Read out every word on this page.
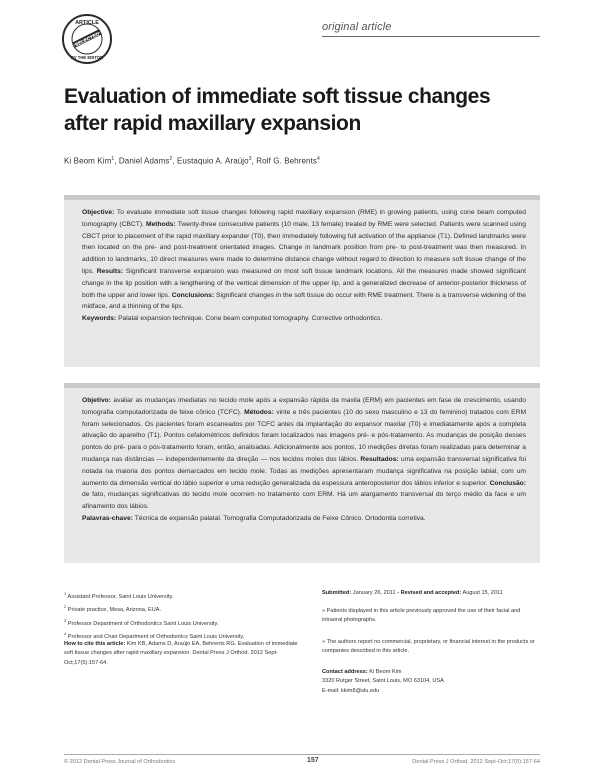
ARTICLE
SELECTED
BY THE EDITOR
original article
Evaluation of immediate soft tissue changes after rapid maxillary expansion
Ki Beom Kim$^1$, Daniel Adams$^2$, Eustaquio A. Araújo$^3$, Rolf G. Behrents$^4$

Objective: To evaluate immediate soft tissue changes following rapid maxillary expansion (RME) in growing patients, using cone beam computed tomography (CBCT). Methods: Twenty-three consecutive patients (10 male, 13 female) treated by RME were selected. Patients were scanned using CBCT prior to placement of the rapid maxillary expander (T0), then immediately following full activation of the appliance (T1). Defined landmarks were then located on the pre- and post-treatment orientated images. Change in landmark position from pre- to post-treatment was then measured. In addition to landmarks, 10 direct measures were made to determine distance change without regard to direction to measure soft tissue change of the lips. Results: Significant transverse expansion was measured on most soft tissue landmark locations. All the measures made showed significant change in the lip position with a lengthening of the vertical dimension of the upper lip, and a generalized decrease of anterior-posterior thickness of both the upper and lower lips. Conclusions: Significant changes in the soft tissue do occur with RME treatment. There is a transverse widening of the midface, and a thinning of the lips.

Keywords: Palatal expansion technique. Cone beam computed tomography. Corrective orthodontics.

Objetivo: avaliar as mudanças imediatas no tecido mole após a expansão rápida da maxila (ERM) em pacientes em fase de crescimento, usando tomografia computadorizada de feixe cônico (TCFC). Métodos: vinte e três pacientes (10 do sexo masculino e 13 do feminino) tratados com ERM foram selecionados. Os pacientes foram escaneados por TCFC antes da implantação do expansor maxilar (T0) e imediatamente após a completa ativação do aparelho (T1). Pontos cefalométricos definidos foram localizados nas imagens pré- e pós-tratamento. As mudanças de posição desses pontos do pré- para o pós-tratamento foram, então, analisadas. Adicionalmente aos pontos, 10 medições diretas foram realizadas para determinar a mudança nas distâncias — independentemente da direção — nos tecidos moles dos lábios. Resultados: uma expansão transversal significativa foi notada na maioria dos pontos demarcados em tecido mole. Todas as medições apresentaram mudança significativa na posição labial, com um aumento da dimensão vertical do lábio superior e uma redução generalizada da espessura anteroposterior dos lábios inferior e superior. Conclusão: de fato, mudanças significativas do tecido mole ocorrem no tratamento com ERM. Há um alargamento transversal do terço médio da face e um afinamento dos lábios.

Palavras-chave: Técnica de expansão palatal. Tomografia Computadorizada de Feixe Cônico. Ortodontia corretiva.

$^1$ Assistant Professor, Saint Louis University.
$^2$ Private practice, Mesa, Arizona, EUA.
$^3$ Professor Department of Orthodontics Saint Louis University.
$^4$ Professor and Chair Department of Orthodontics Saint Louis University.
How to cite this article: Kim KB, Adams D, Araújo EA, Behrents RG. Evaluation of immediate soft tissue changes after rapid maxillary expansion. Dental Press J Orthod. 2012 Sept-Oct;17(5):157-64.
Submitted: January 26, 2011 - Revised and accepted: August 15, 2011
» Patients displayed in this article previously approved the use of their facial and intraoral photographs.
» The authors report no commercial, proprietary, or financial interest in the products or companies described in this article.
Contact address: Ki Beom Kim
3320 Rutger Street, Saint Louis, MO 63104, USA
E-mail: kkim8@slu.edu
© 2012 Dental Press Journal of Orthodontics	157	Dental Press J Orthod. 2012 Sept-Oct;17(5):157-64
